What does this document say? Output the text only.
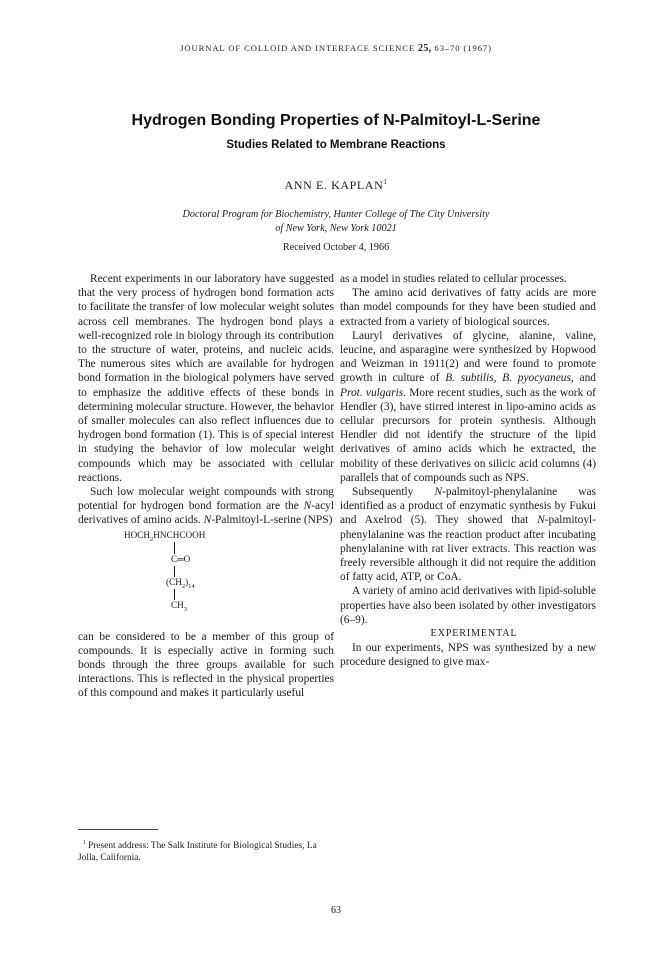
JOURNAL OF COLLOID AND INTERFACE SCIENCE 25, 63–70 (1967)
Hydrogen Bonding Properties of N-Palmitoyl-L-Serine
Studies Related to Membrane Reactions
ANN E. KAPLAN$^1$
Doctoral Program for Biochemistry, Hunter College of The City University
of New York, New York 10021
Received October 4, 1966

Recent experiments in our laboratory have suggested that the very process of hydrogen bond formation acts to facilitate the transfer of low molecular weight solutes across cell membranes. The hydrogen bond plays a well-recognized role in biology through its contribution to the structure of water, proteins, and nucleic acids. The numerous sites which are available for hydrogen bond formation in the biological polymers have served to emphasize the additive effects of these bonds in determining molecular structure. However, the behavior of smaller molecules can also reflect influences due to hydrogen bond formation (1). This is of special interest in studying the behavior of low molecular weight compounds which may be associated with cellular reactions.

Such low molecular weight compounds with strong potential for hydrogen bond formation are the N-acyl derivatives of amino acids. N-Palmitoyl-L-serine (NPS)

$HOCH_2HNCHCOOH$
C═O
$(CH_2)_{14}$
$CH_3$

can be considered to be a member of this group of compounds. It is especially active in forming such bonds through the three groups available for such interactions. This is reflected in the physical properties of this compound and makes it particularly useful

$^1$ Present address: The Salk Institute for Biological Studies, La Jolla, California.

as a model in studies related to cellular processes.

The amino acid derivatives of fatty acids are more than model compounds for they have been studied and extracted from a variety of biological sources.

Lauryl derivatives of glycine, alanine, valine, leucine, and asparagine were synthesized by Hopwood and Weizman in 1911(2) and were found to promote growth in culture of B. subtilis, B. pyocyaneus, and Prot. vulgaris. More recent studies, such as the work of Hendler (3), have stirred interest in lipo-amino acids as cellular precursors for protein synthesis. Although Hendler did not identify the structure of the lipid derivatives of amino acids which he extracted, the mobility of these derivatives on silicic acid columns (4) parallels that of compounds such as NPS.

Subsequently N-palmitoyl-phenylalanine was identified as a product of enzymatic synthesis by Fukui and Axelrod (5). They showed that N-palmitoyl-phenylalanine was the reaction product after incubating phenylalanine with rat liver extracts. This reaction was freely reversible although it did not require the addition of fatty acid, ATP, or CoA.

A variety of amino acid derivatives with lipid-soluble properties have also been isolated by other investigators (6–9).

EXPERIMENTAL

In our experiments, NPS was synthesized by a new procedure designed to give max-

63
